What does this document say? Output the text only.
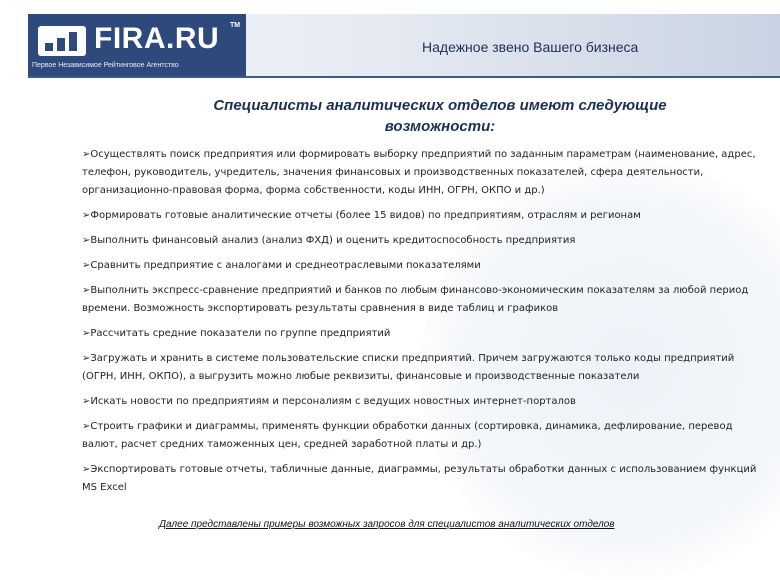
FIRA.RU TM
Первое Независимое Рейтинговое Агентство
Надежное звено Вашего бизнеса
Специалисты аналитических отделов имеют следующие возможности:
➢Осуществлять поиск предприятия или формировать выборку предприятий по заданным параметрам (наименование, адрес, телефон, руководитель, учредитель, значения финансовых и производственных показателей, сфера деятельности, организационно-правовая форма, форма собственности, коды ИНН, ОГРН, ОКПО и др.)
➢Формировать готовые аналитические отчеты (более 15 видов) по предприятиям, отраслям и регионам
➢Выполнить финансовый анализ (анализ ФХД) и оценить кредитоспособность предприятия
➢Сравнить предприятие с аналогами и среднеотраслевыми показателями
➢Выполнить экспресс-сравнение предприятий и банков по любым финансово-экономическим показателям за любой период времени. Возможность экспортировать результаты сравнения в виде таблиц и графиков
➢Рассчитать средние показатели по группе предприятий
➢Загружать и хранить в системе пользовательские списки предприятий. Причем загружаются только коды предприятий (ОГРН, ИНН, ОКПО), а выгрузить можно любые реквизиты, финансовые и производственные показатели
➢Искать новости по предприятиям и персоналиям с ведущих новостных интернет-порталов
➢Строить графики и диаграммы, применять функции обработки данных (сортировка, динамика, дефлирование, перевод валют, расчет средних таможенных цен, средней заработной платы и др.)
➢Экспортировать готовые отчеты, табличные данные, диаграммы, результаты обработки данных с использованием функций MS Excel
Далее представлены примеры возможных запросов для специалистов аналитических отделов
